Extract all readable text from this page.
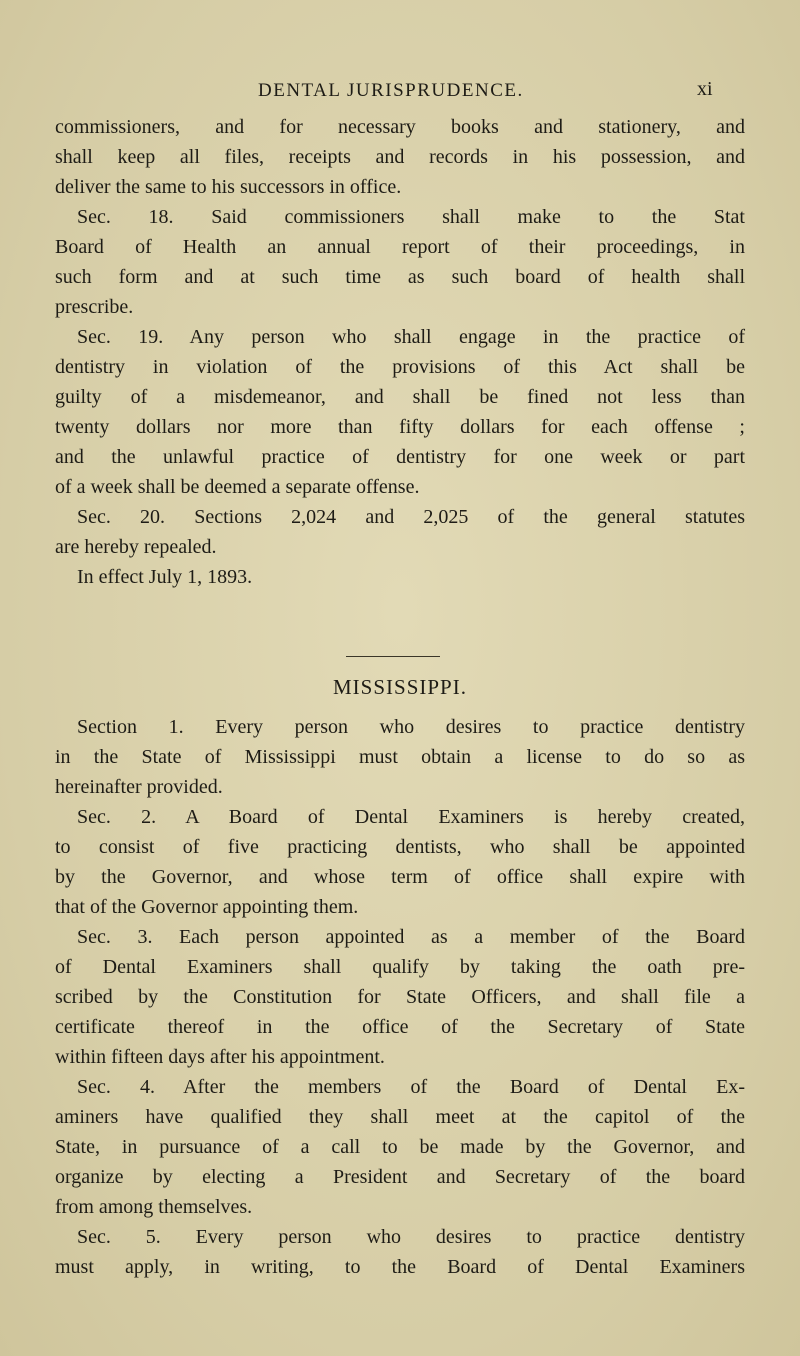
DENTAL JURISPRUDENCE.	xi
commissioners, and for necessary books and stationery, and
shall keep all files, receipts and records in his possession, and
deliver the same to his successors in office.
Sec. 18. Said commissioners shall make to the Stat
Board of Health an annual report of their proceedings, in
such form and at such time as such board of health shall
prescribe.
Sec. 19. Any person who shall engage in the practice of
dentistry in violation of the provisions of this Act shall be
guilty of a misdemeanor, and shall be fined not less than
twenty dollars nor more than fifty dollars for each offense ;
and the unlawful practice of dentistry for one week or part
of a week shall be deemed a separate offense.
Sec. 20. Sections 2,024 and 2,025 of the general statutes
are hereby repealed.
In effect July 1, 1893.
MISSISSIPPI.
Section 1. Every person who desires to practice dentistry
in the State of Mississippi must obtain a license to do so as
hereinafter provided.
Sec. 2. A Board of Dental Examiners is hereby created,
to consist of five practicing dentists, who shall be appointed
by the Governor, and whose term of office shall expire with
that of the Governor appointing them.
Sec. 3. Each person appointed as a member of the Board
of Dental Examiners shall qualify by taking the oath pre-
scribed by the Constitution for State Officers, and shall file a
certificate thereof in the office of the Secretary of State
within fifteen days after his appointment.
Sec. 4. After the members of the Board of Dental Ex-
aminers have qualified they shall meet at the capitol of the
State, in pursuance of a call to be made by the Governor, and
organize by electing a President and Secretary of the board
from among themselves.
Sec. 5. Every person who desires to practice dentistry
must apply, in writing, to the Board of Dental Examiners
